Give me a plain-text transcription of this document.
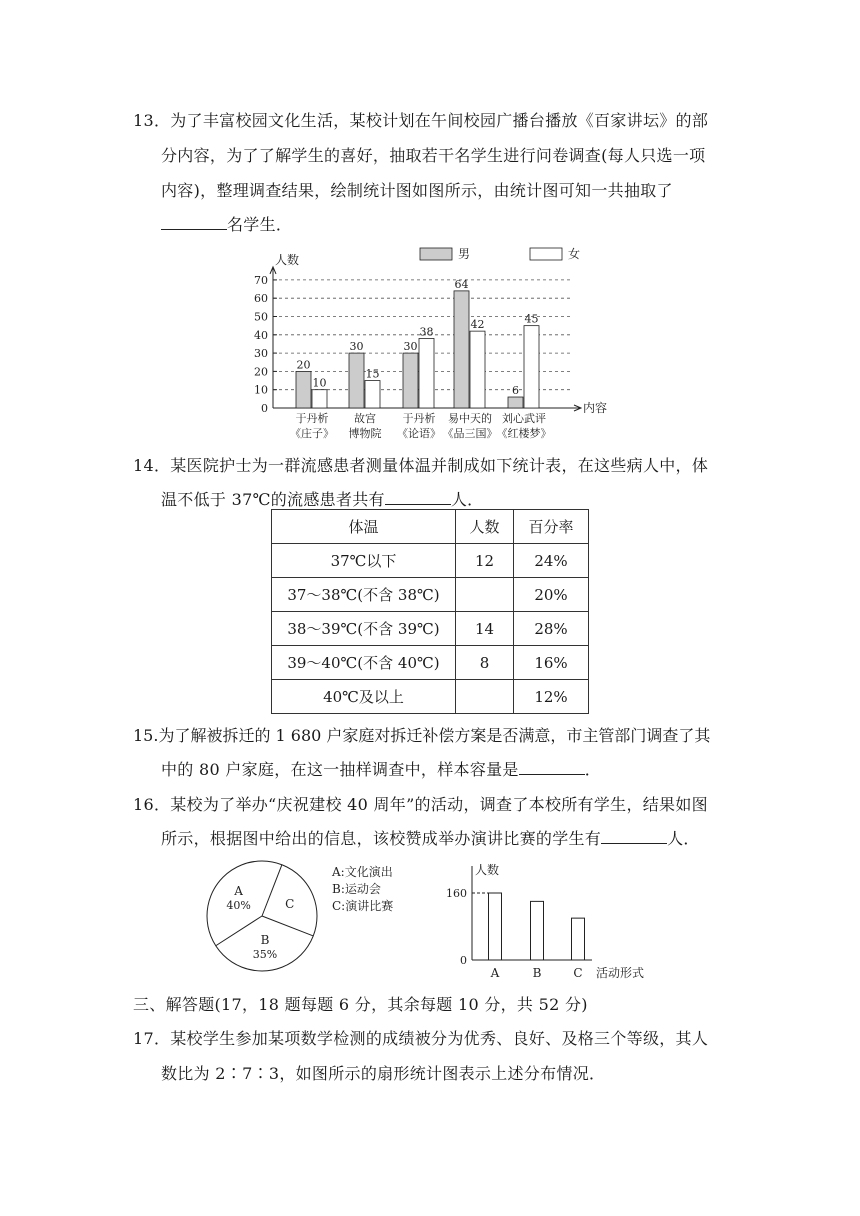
13．为了丰富校园文化生活，某校计划在午间校园广播台播放《百家讲坛》的部
分内容，为了了解学生的喜好，抽取若干名学生进行问卷调查(每人只选一项
内容)，整理调查结果，绘制统计图如图所示，由统计图可知一共抽取了
名学生．
人数
内容
0
10
20
30
40
50
60
70
男	女
20
10
于丹析
《庄子》
30
15
故宫
博物院
30
38
于丹析
《论语》
64
42
易中天的
《品三国》
6
45
刘心武评
《红楼梦》
14．某医院护士为一群流感患者测量体温并制成如下统计表，在这些病人中，体
温不低于 37℃的流感患者共有	人．
体温	人数	百分率
37℃以下	12	24%
37～38℃(不含 38℃)		20%
38～39℃(不含 39℃)	14	28%
39～40℃(不含 40℃)	8	16%
40℃及以上		12%
15.为了解被拆迁的 1 680 户家庭对拆迁补偿方案是否满意，市主管部门调查了其
中的 80 户家庭，在这一抽样调查中，样本容量是	．
16．某校为了举办“庆祝建校 40 周年”的活动，调查了本校所有学生，结果如图
所示，根据图中给出的信息，该校赞成举办演讲比赛的学生有	人．
C
B
35%
A
40%
A:文化演出
B:运动会
C:演讲比赛
人数
活动形式
0
160
A	B	C
三、解答题(17，18 题每题 6 分，其余每题 10 分，共 52 分)
17．某校学生参加某项数学检测的成绩被分为优秀、良好、及格三个等级，其人
数比为 2∶7∶3，如图所示的扇形统计图表示上述分布情况．
